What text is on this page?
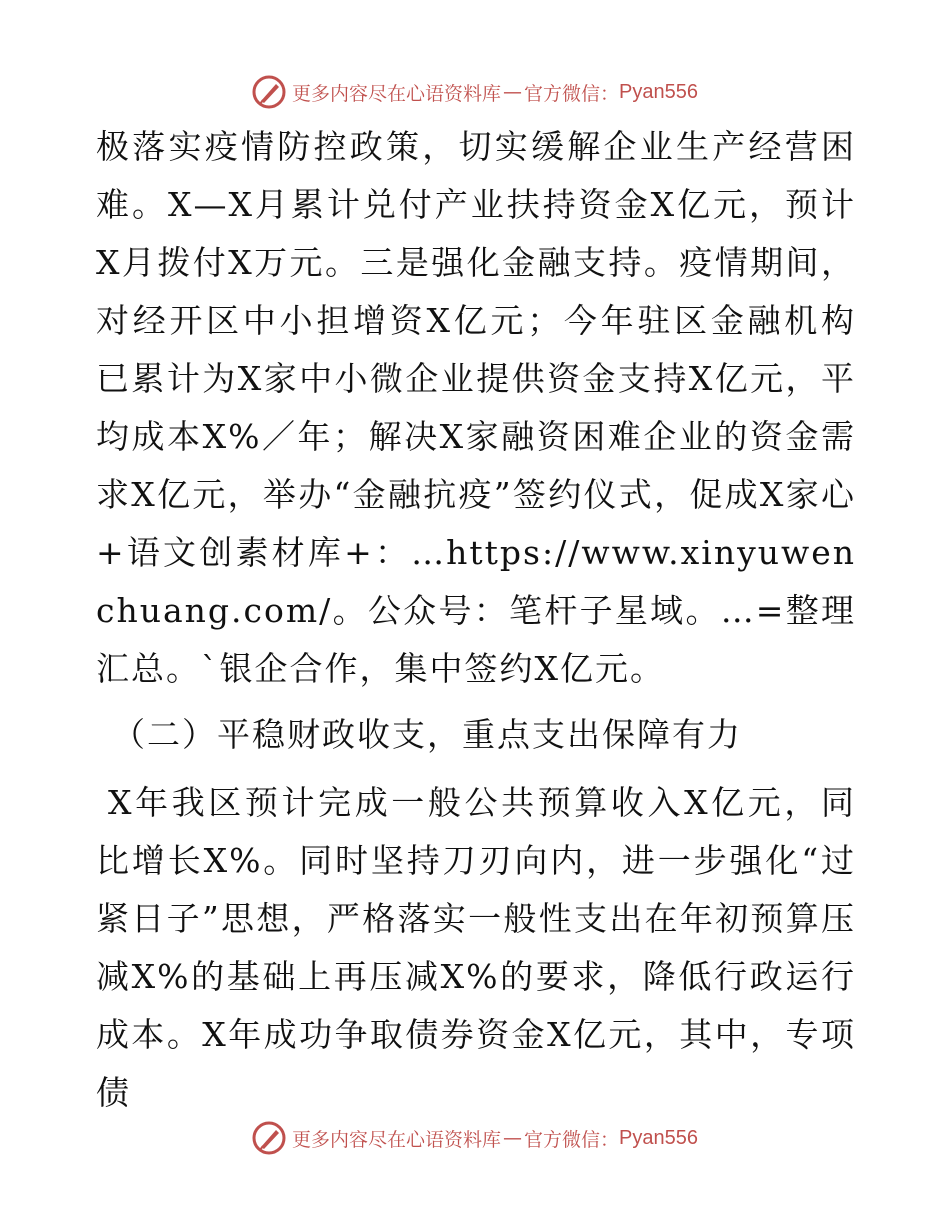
更多内容尽在心语资料库 — 官方微信： Pyan556

极落实疫情防控政策，切实缓解企业生产经营困难。X—X月累计兑付产业扶持资金X亿元，预计X月拨付X万元。三是强化金融支持。疫情期间，对经开区中小担增资X亿元；今年驻区金融机构已累计为X家中小微企业提供资金支持X亿元，平均成本X%／年；解决X家融资困难企业的资金需求X亿元，举办“金融抗疫”签约仪式，促成X家心+语文创素材库+：…https://www.xinyuwenchuang.com/。公众号：笔杆子星域。…=整理汇总。`银企合作，集中签约X亿元。

（二）平稳财政收支，重点支出保障有力

X年我区预计完成一般公共预算收入X亿元，同比增长X%。同时坚持刀刃向内，进一步强化“过紧日子”思想，严格落实一般性支出在年初预算压减X%的基础上再压减X%的要求，降低行政运行成本。X年成功争取债券资金X亿元，其中，专项债

更多内容尽在心语资料库 — 官方微信： Pyan556
